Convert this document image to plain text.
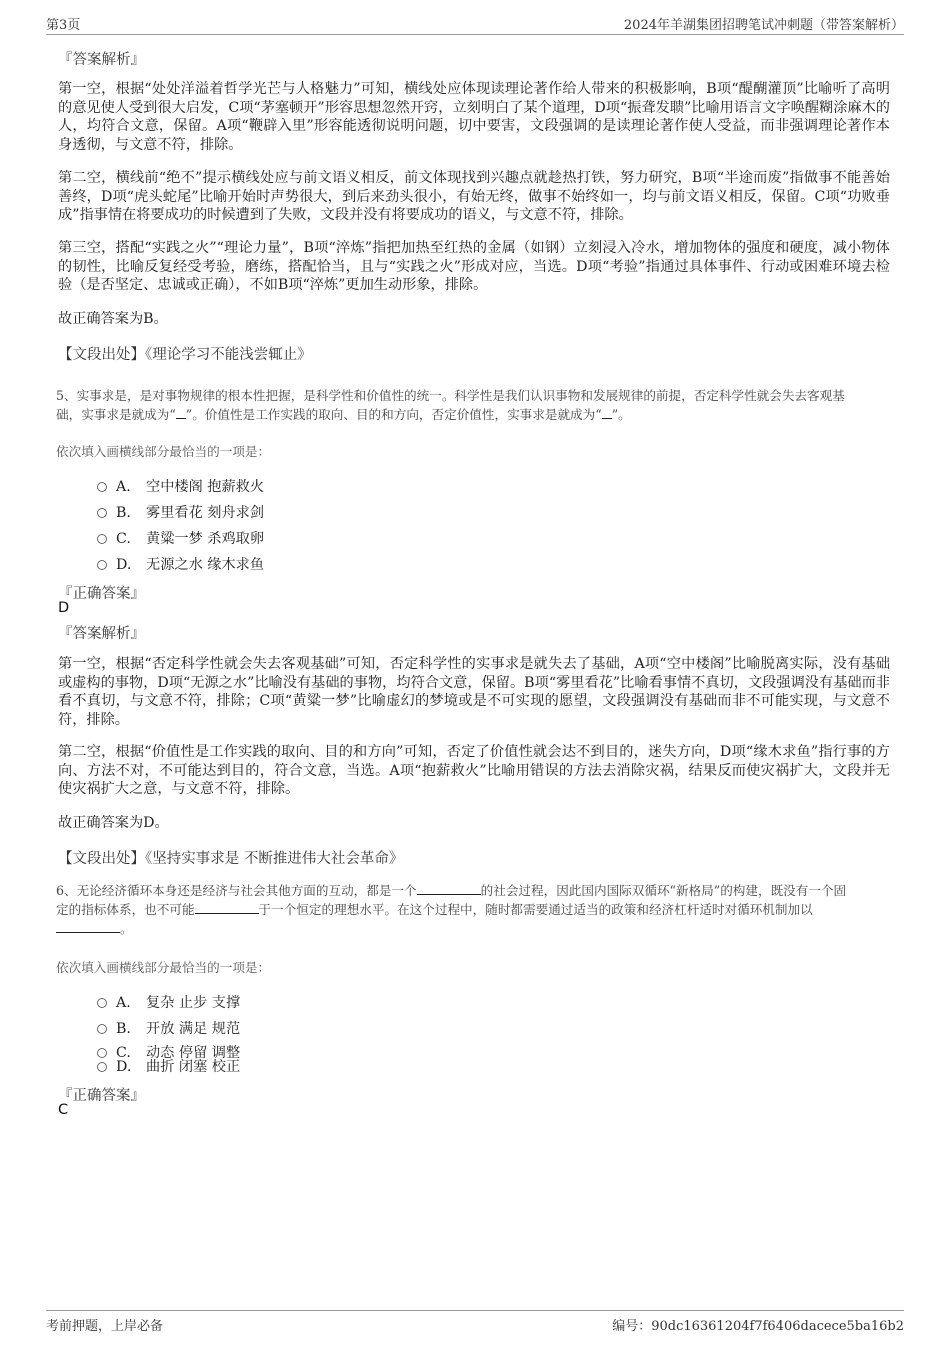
第3页	2024年羊湖集团招聘笔试冲刺题（带答案解析）
『答案解析』
第一空，根据“处处洋溢着哲学光芒与人格魅力”可知，横线处应体现读理论著作给人带来的积极影响，B项“醍醐灌顶”比喻听了高明的意见使人受到很大启发，C项“茅塞顿开”形容思想忽然开窍，立刻明白了某个道理，D项“振聋发聩”比喻用语言文字唤醒糊涂麻木的人，均符合文意，保留。A项“鞭辟入里”形容能透彻说明问题，切中要害，文段强调的是读理论著作使人受益，而非强调理论著作本身透彻，与文意不符，排除。
第二空，横线前“绝不”提示横线处应与前文语义相反，前文体现找到兴趣点就趁热打铁，努力研究，B项“半途而废”指做事不能善始善终，D项“虎头蛇尾”比喻开始时声势很大，到后来劲头很小，有始无终，做事不始终如一，均与前文语义相反，保留。C项“功败垂成”指事情在将要成功的时候遭到了失败，文段并没有将要成功的语义，与文意不符，排除。
第三空，搭配“实践之火”“理论力量”，B项“淬炼”指把加热至红热的金属（如钢）立刻浸入冷水，增加物体的强度和硬度，减小物体的韧性，比喻反复经受考验，磨练，搭配恰当，且与“实践之火”形成对应，当选。D项“考验”指通过具体事件、行动或困难环境去检验（是否坚定、忠诚或正确），不如B项“淬炼”更加生动形象，排除。
故正确答案为B。
【文段出处】《理论学习不能浅尝辄止》
5、实事求是，是对事物规律的根本性把握，是科学性和价值性的统一。科学性是我们认识事物和发展规律的前提，否定科学性就会失去客观基
础，实事求是就成为“ ”。价值性是工作实践的取向、目的和方向，否定价值性，实事求是就成为“ ”。
依次填入画横线部分最恰当的一项是：
A. 空中楼阁 抱薪救火
B. 雾里看花 刻舟求剑
C. 黄粱一梦 杀鸡取卵
D. 无源之水 缘木求鱼
『正确答案』
D
『答案解析』
第一空，根据“否定科学性就会失去客观基础”可知，否定科学性的实事求是就失去了基础，A项“空中楼阁”比喻脱离实际，没有基础或虚构的事物，D项“无源之水”比喻没有基础的事物，均符合文意，保留。B项“雾里看花”比喻看事情不真切，文段强调没有基础而非看不真切，与文意不符，排除；C项“黄粱一梦”比喻虚幻的梦境或是不可实现的愿望，文段强调没有基础而非不可能实现，与文意不符，排除。
第二空，根据“价值性是工作实践的取向、目的和方向”可知，否定了价值性就会达不到目的，迷失方向，D项“缘木求鱼”指行事的方向、方法不对，不可能达到目的，符合文意，当选。A项“抱薪救火”比喻用错误的方法去消除灾祸，结果反而使灾祸扩大，文段并无使灾祸扩大之意，与文意不符，排除。
故正确答案为D。
【文段出处】《坚持实事求是 不断推进伟大社会革命》
6、无论经济循环本身还是经济与社会其他方面的互动，都是一个	的社会过程，因此国内国际双循环“新格局”的构建，既没有一个固
定的指标体系，也不可能	于一个恒定的理想水平。在这个过程中，随时都需要通过适当的政策和经济杠杆适时对循环机制加以
。
依次填入画横线部分最恰当的一项是：
A. 复杂 止步 支撑
B. 开放 满足 规范
C. 动态 停留 调整
D. 曲折 闭塞 校正
『正确答案』
C
考前押题，上岸必备	编号：90dc16361204f7f6406dacece5ba16b2
